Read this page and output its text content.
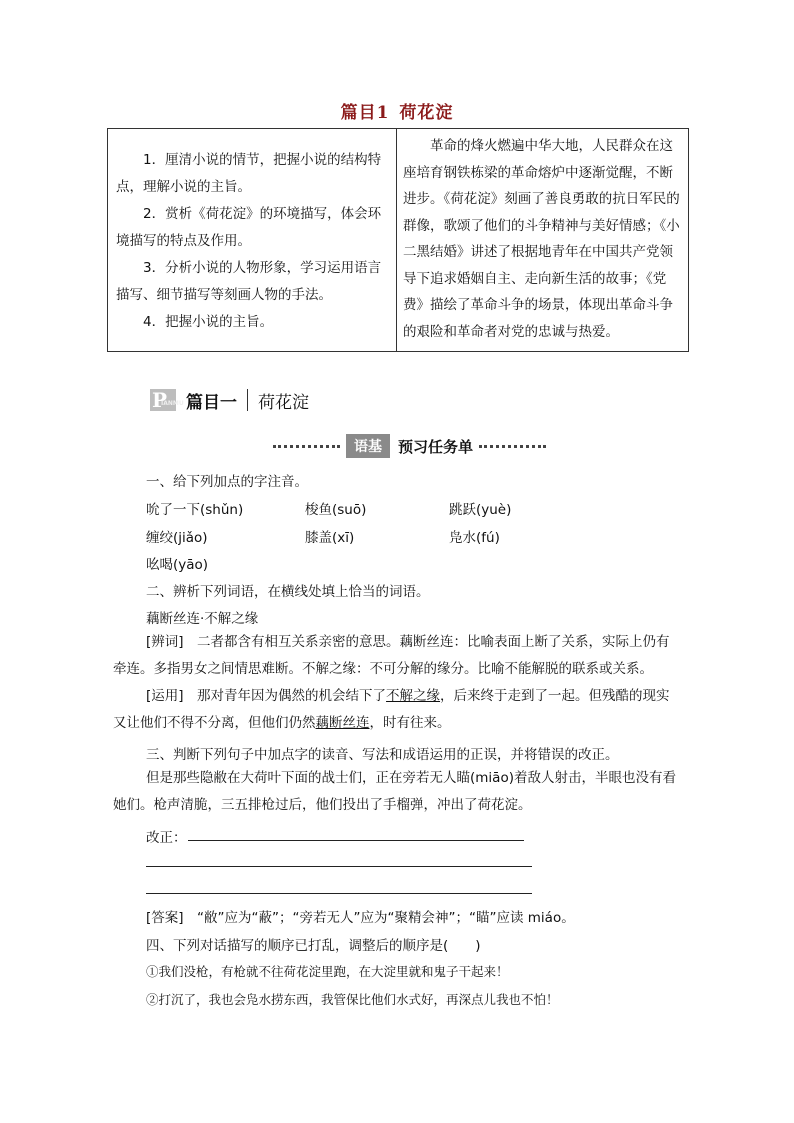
篇目1 荷花淀

1．厘清小说的情节，把握小说的结构特点，理解小说的主旨。

2．赏析《荷花淀》的环境描写，体会环境描写的特点及作用。

3．分析小说的人物形象，学习运用语言描写、细节描写等刻画人物的手法。

4．把握小说的主旨。

革命的烽火燃遍中华大地，人民群众在这座培育钢铁栋梁的革命熔炉中逐渐觉醒，不断进步。《荷花淀》刻画了善良勇敢的抗日军民的群像，歌颂了他们的斗争精神与美好情感；《小二黑结婚》讲述了根据地青年在中国共产党领导下追求婚姻自主、走向新生活的故事；《党费》描绘了革命斗争的场景，体现出革命斗争的艰险和革命者对党的忠诚与热爱。

P
IANMU 篇目一 荷花淀
语基	预习任务单
一、给下列加点的字注音。
吮了一下(shǔn)	梭鱼(suō)	跳跃(yuè)
缠绞(jiǎo)	膝盖(xī)	凫水(fú)
吆喝(yāo)
二、辨析下列词语，在横线处填上恰当的词语。
藕断丝连·不解之缘

[辨词]　 二者都含有相互关系亲密的意思。藕断丝连：比喻表面上断了关系，实际上仍有牵连。多指男女之间情思难断。不解之缘：不可分解的缘分。比喻不能解脱的联系或关系。

[运用]　 那对青年因为偶然的机会结下了不解之缘，后来终于走到了一起。但残酷的现实又让他们不得不分离，但他们仍然藕断丝连，时有往来。

三、判断下列句子中加点字的读音、写法和成语运用的正误，并将错误的改正。

但是那些隐敝在大荷叶下面的战士们，正在旁若无人瞄(miāo)着敌人射击，半眼也没有看她们。枪声清脆，三五排枪过后，他们投出了手榴弹，冲出了荷花淀。

改正：
[答案]　 “敝”应为“蔽”；“旁若无人”应为“聚精会神”；“瞄”应读 miáo。
四、下列对话描写的顺序已打乱，调整后的顺序是(　　)
①我们没枪，有枪就不往荷花淀里跑，在大淀里就和鬼子干起来！
②打沉了，我也会凫水捞东西，我管保比他们水式好，再深点儿我也不怕！
